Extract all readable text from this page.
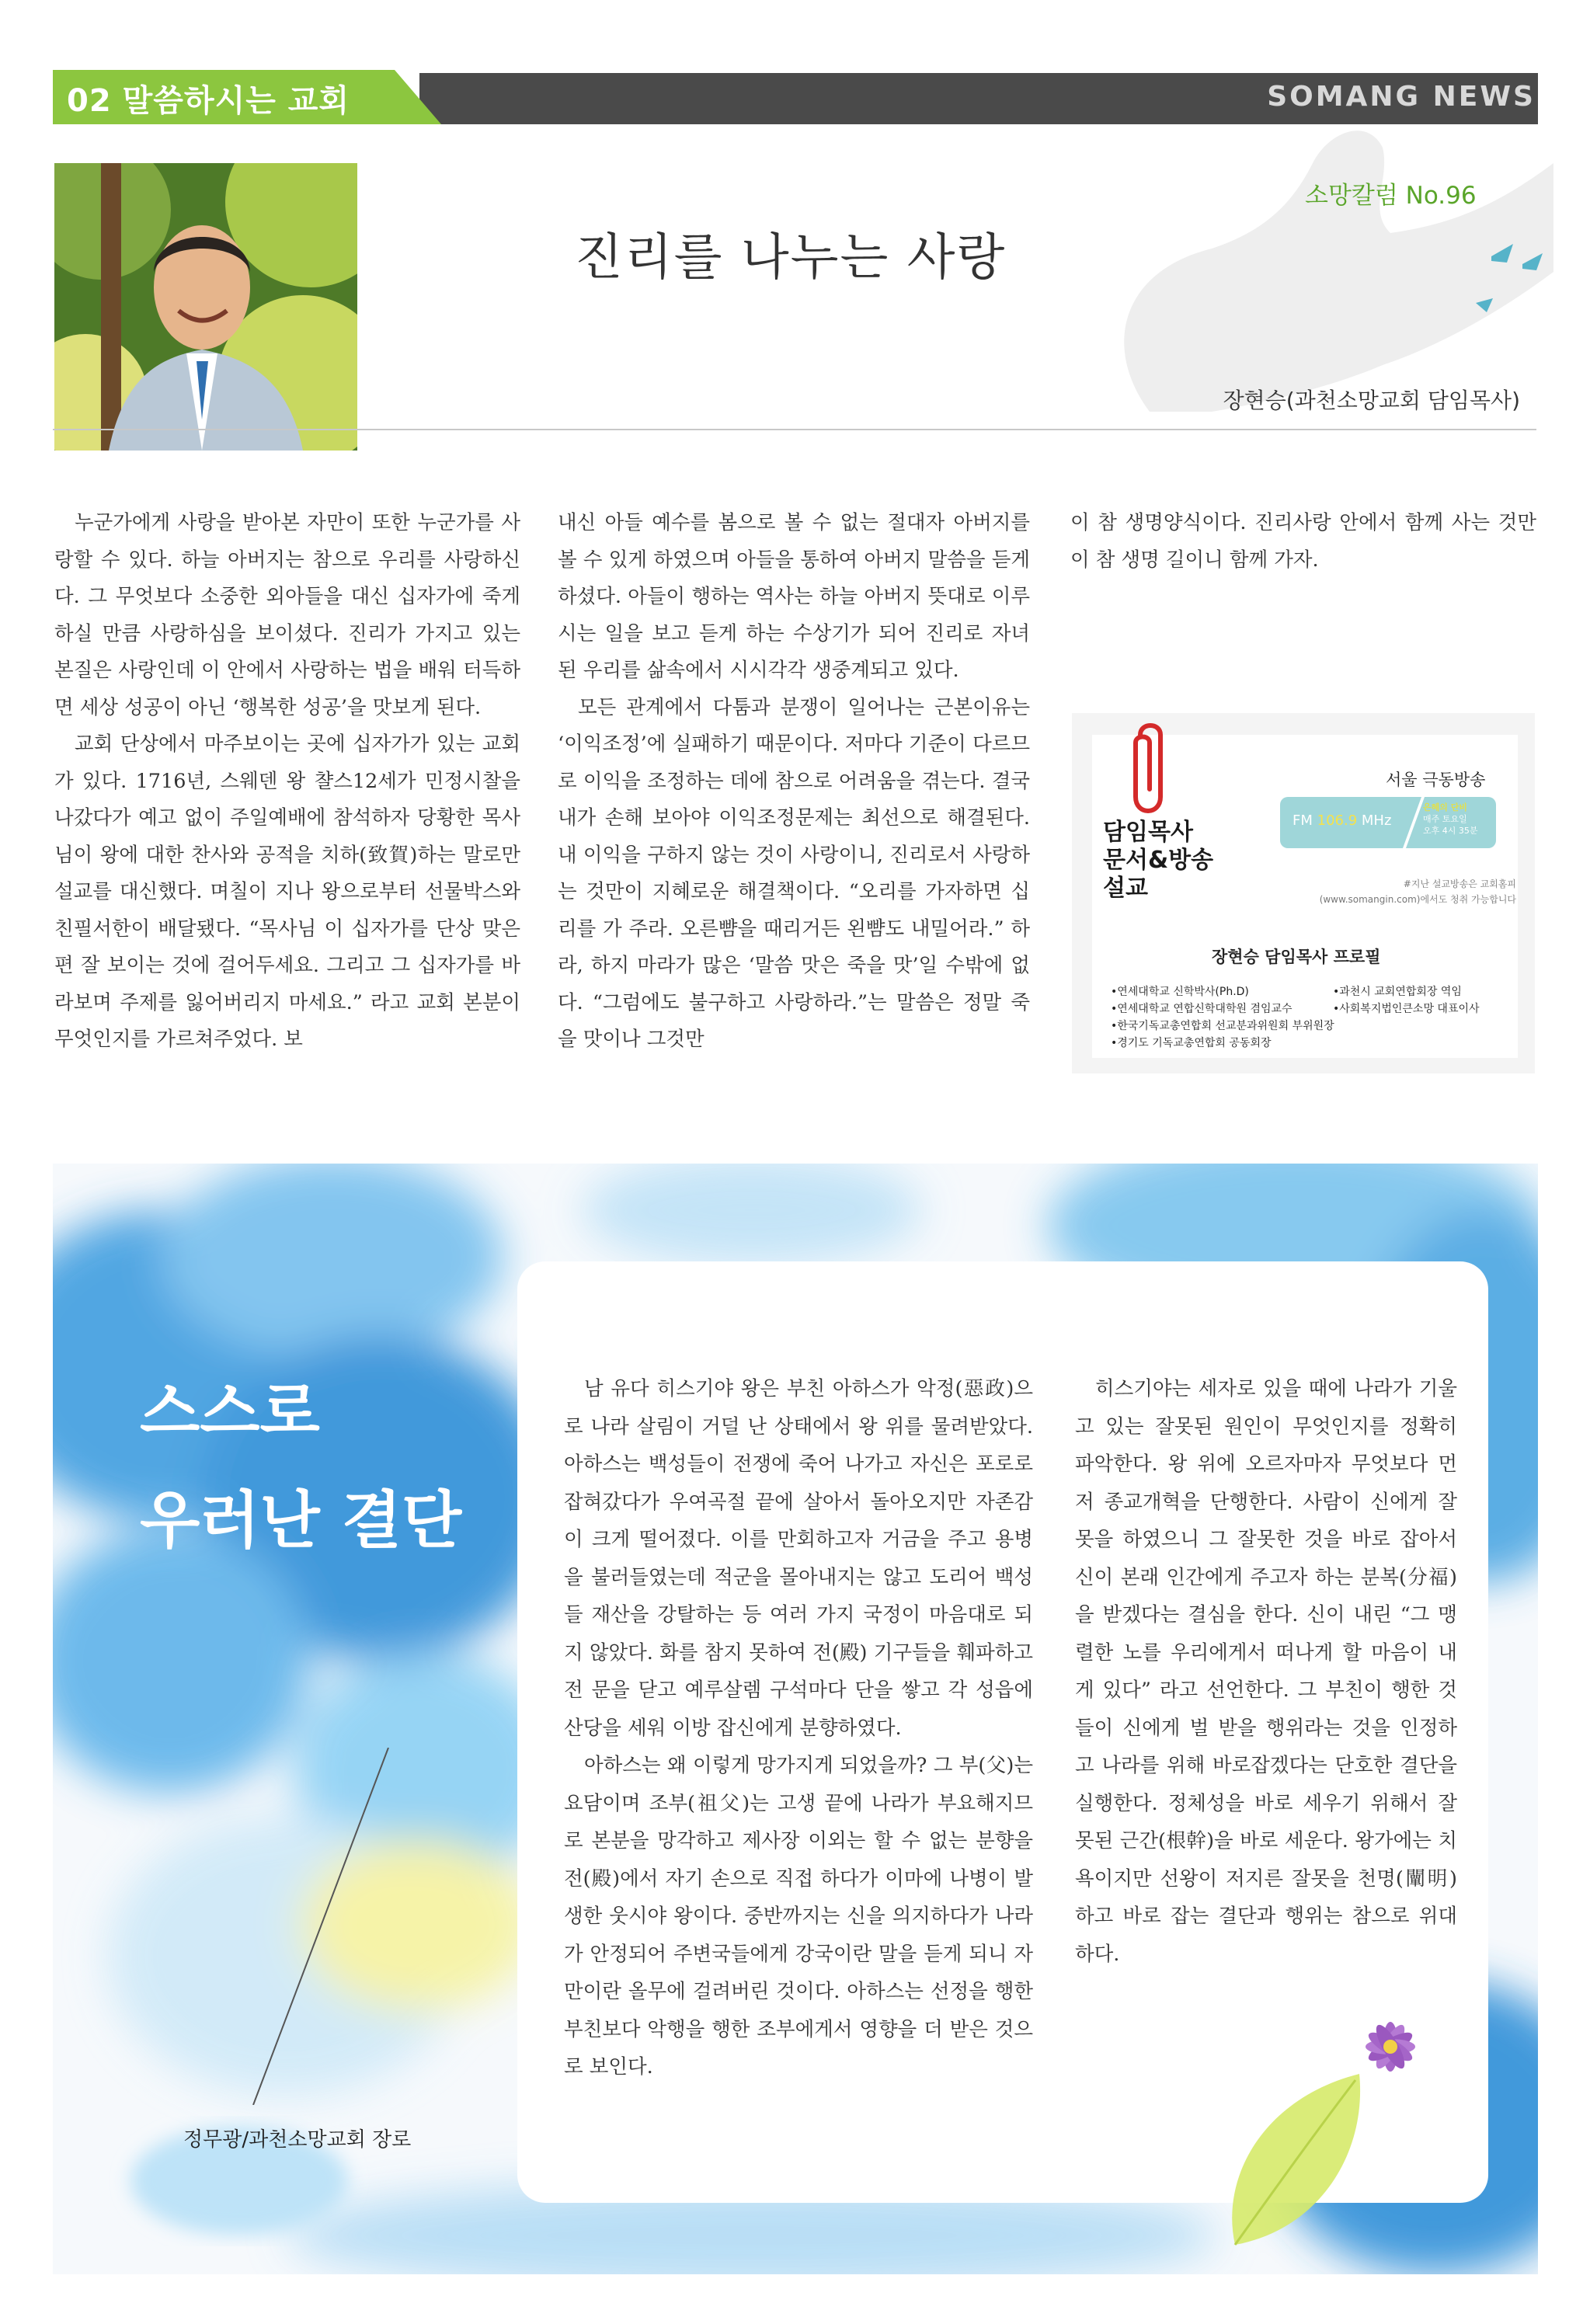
02 말씀하시는 교회	SOMANG NEWS
소망칼럼 No.96
진리를 나누는 사랑
장현승(과천소망교회 담임목사)

누군가에게 사랑을 받아본 자만이 또한 누군가를 사랑할 수 있다. 하늘 아버지는 참으로 우리를 사랑하신다. 그 무엇보다 소중한 외아들을 대신 십자가에 죽게 하실 만큼 사랑하심을 보이셨다. 진리가 가지고 있는 본질은 사랑인데 이 안에서 사랑하는 법을 배워 터득하면 세상 성공이 아닌 ‘행복한 성공’을 맛보게 된다.

교회 단상에서 마주보이는 곳에 십자가가 있는 교회가 있다. 1716년, 스웨덴 왕 챨스12세가 민정시찰을 나갔다가 예고 없이 주일예배에 참석하자 당황한 목사님이 왕에 대한 찬사와 공적을 치하(致賀)하는 말로만 설교를 대신했다. 며칠이 지나 왕으로부터 선물박스와 친필서한이 배달됐다. “목사님 이 십자가를 단상 맞은편 잘 보이는 것에 걸어두세요. 그리고 그 십자가를 바라보며 주제를 잃어버리지 마세요.” 라고 교회 본분이 무엇인지를 가르쳐주었다. 보

내신 아들 예수를 봄으로 볼 수 없는 절대자 아버지를 볼 수 있게 하였으며 아들을 통하여 아버지 말씀을 듣게 하셨다. 아들이 행하는 역사는 하늘 아버지 뜻대로 이루시는 일을 보고 듣게 하는 수상기가 되어 진리로 자녀 된 우리를 삶속에서 시시각각 생중계되고 있다.

모든 관계에서 다툼과 분쟁이 일어나는 근본이유는 ‘이익조정’에 실패하기 때문이다. 저마다 기준이 다르므로 이익을 조정하는 데에 참으로 어려움을 겪는다. 결국 내가 손해 보아야 이익조정문제는 최선으로 해결된다. 내 이익을 구하지 않는 것이 사랑이니, 진리로서 사랑하는 것만이 지혜로운 해결책이다. “오리를 가자하면 십리를 가 주라. 오른뺨을 때리거든 왼뺨도 내밀어라.” 하라, 하지 마라가 많은 ‘말씀 맛은 죽을 맛’일 수밖에 없다. “그럼에도 불구하고 사랑하라.”는 말씀은 정말 죽을 맛이나 그것만

이 참 생명양식이다. 진리사랑 안에서 함께 사는 것만이 참 생명 길이니 함께 가자.

담임목사
문서&방송
설교
서울 극동방송
FM 106.9 MHz
은혜의 단비
매주 토요일
오후 4시 35분
#지난 설교방송은 교회홈피
(www.somangin.com)에서도 청취 가능합니다
장현승 담임목사 프로필
•연세대학교 신학박사(Ph.D)
•연세대학교 연합신학대학원 겸임교수
•한국기독교총연합회 선교분과위원회 부위원장
•경기도 기독교총연합회 공동회장
•과천시 교회연합회장 역임
•사회복지법인큰소망 대표이사
스스로
우러난 결단
정무광/과천소망교회 장로

남 유다 히스기야 왕은 부친 아하스가 악정(惡政)으로 나라 살림이 거덜 난 상태에서 왕 위를 물려받았다. 아하스는 백성들이 전쟁에 죽어 나가고 자신은 포로로 잡혀갔다가 우여곡절 끝에 살아서 돌아오지만 자존감이 크게 떨어졌다. 이를 만회하고자 거금을 주고 용병을 불러들였는데 적군을 몰아내지는 않고 도리어 백성들 재산을 강탈하는 등 여러 가지 국정이 마음대로 되지 않았다. 화를 참지 못하여 전(殿) 기구들을 훼파하고 전 문을 닫고 예루살렘 구석마다 단을 쌓고 각 성읍에 산당을 세워 이방 잡신에게 분향하였다.

아하스는 왜 이렇게 망가지게 되었을까? 그 부(父)는 요담이며 조부(祖父)는 고생 끝에 나라가 부요해지므로 본분을 망각하고 제사장 이외는 할 수 없는 분향을 전(殿)에서 자기 손으로 직접 하다가 이마에 나병이 발생한 웃시야 왕이다. 중반까지는 신을 의지하다가 나라가 안정되어 주변국들에게 강국이란 말을 듣게 되니 자만이란 올무에 걸려버린 것이다. 아하스는 선정을 행한 부친보다 악행을 행한 조부에게서 영향을 더 받은 것으로 보인다.

히스기야는 세자로 있을 때에 나라가 기울고 있는 잘못된 원인이 무엇인지를 정확히 파악한다. 왕 위에 오르자마자 무엇보다 먼저 종교개혁을 단행한다. 사람이 신에게 잘못을 하였으니 그 잘못한 것을 바로 잡아서 신이 본래 인간에게 주고자 하는 분복(分福)을 받겠다는 결심을 한다. 신이 내린 “그 맹렬한 노를 우리에게서 떠나게 할 마음이 내게 있다” 라고 선언한다. 그 부친이 행한 것들이 신에게 벌 받을 행위라는 것을 인정하고 나라를 위해 바로잡겠다는 단호한 결단을 실행한다. 정체성을 바로 세우기 위해서 잘못된 근간(根幹)을 바로 세운다. 왕가에는 치욕이지만 선왕이 저지른 잘못을 천명(闡明)하고 바로 잡는 결단과 행위는 참으로 위대하다.
